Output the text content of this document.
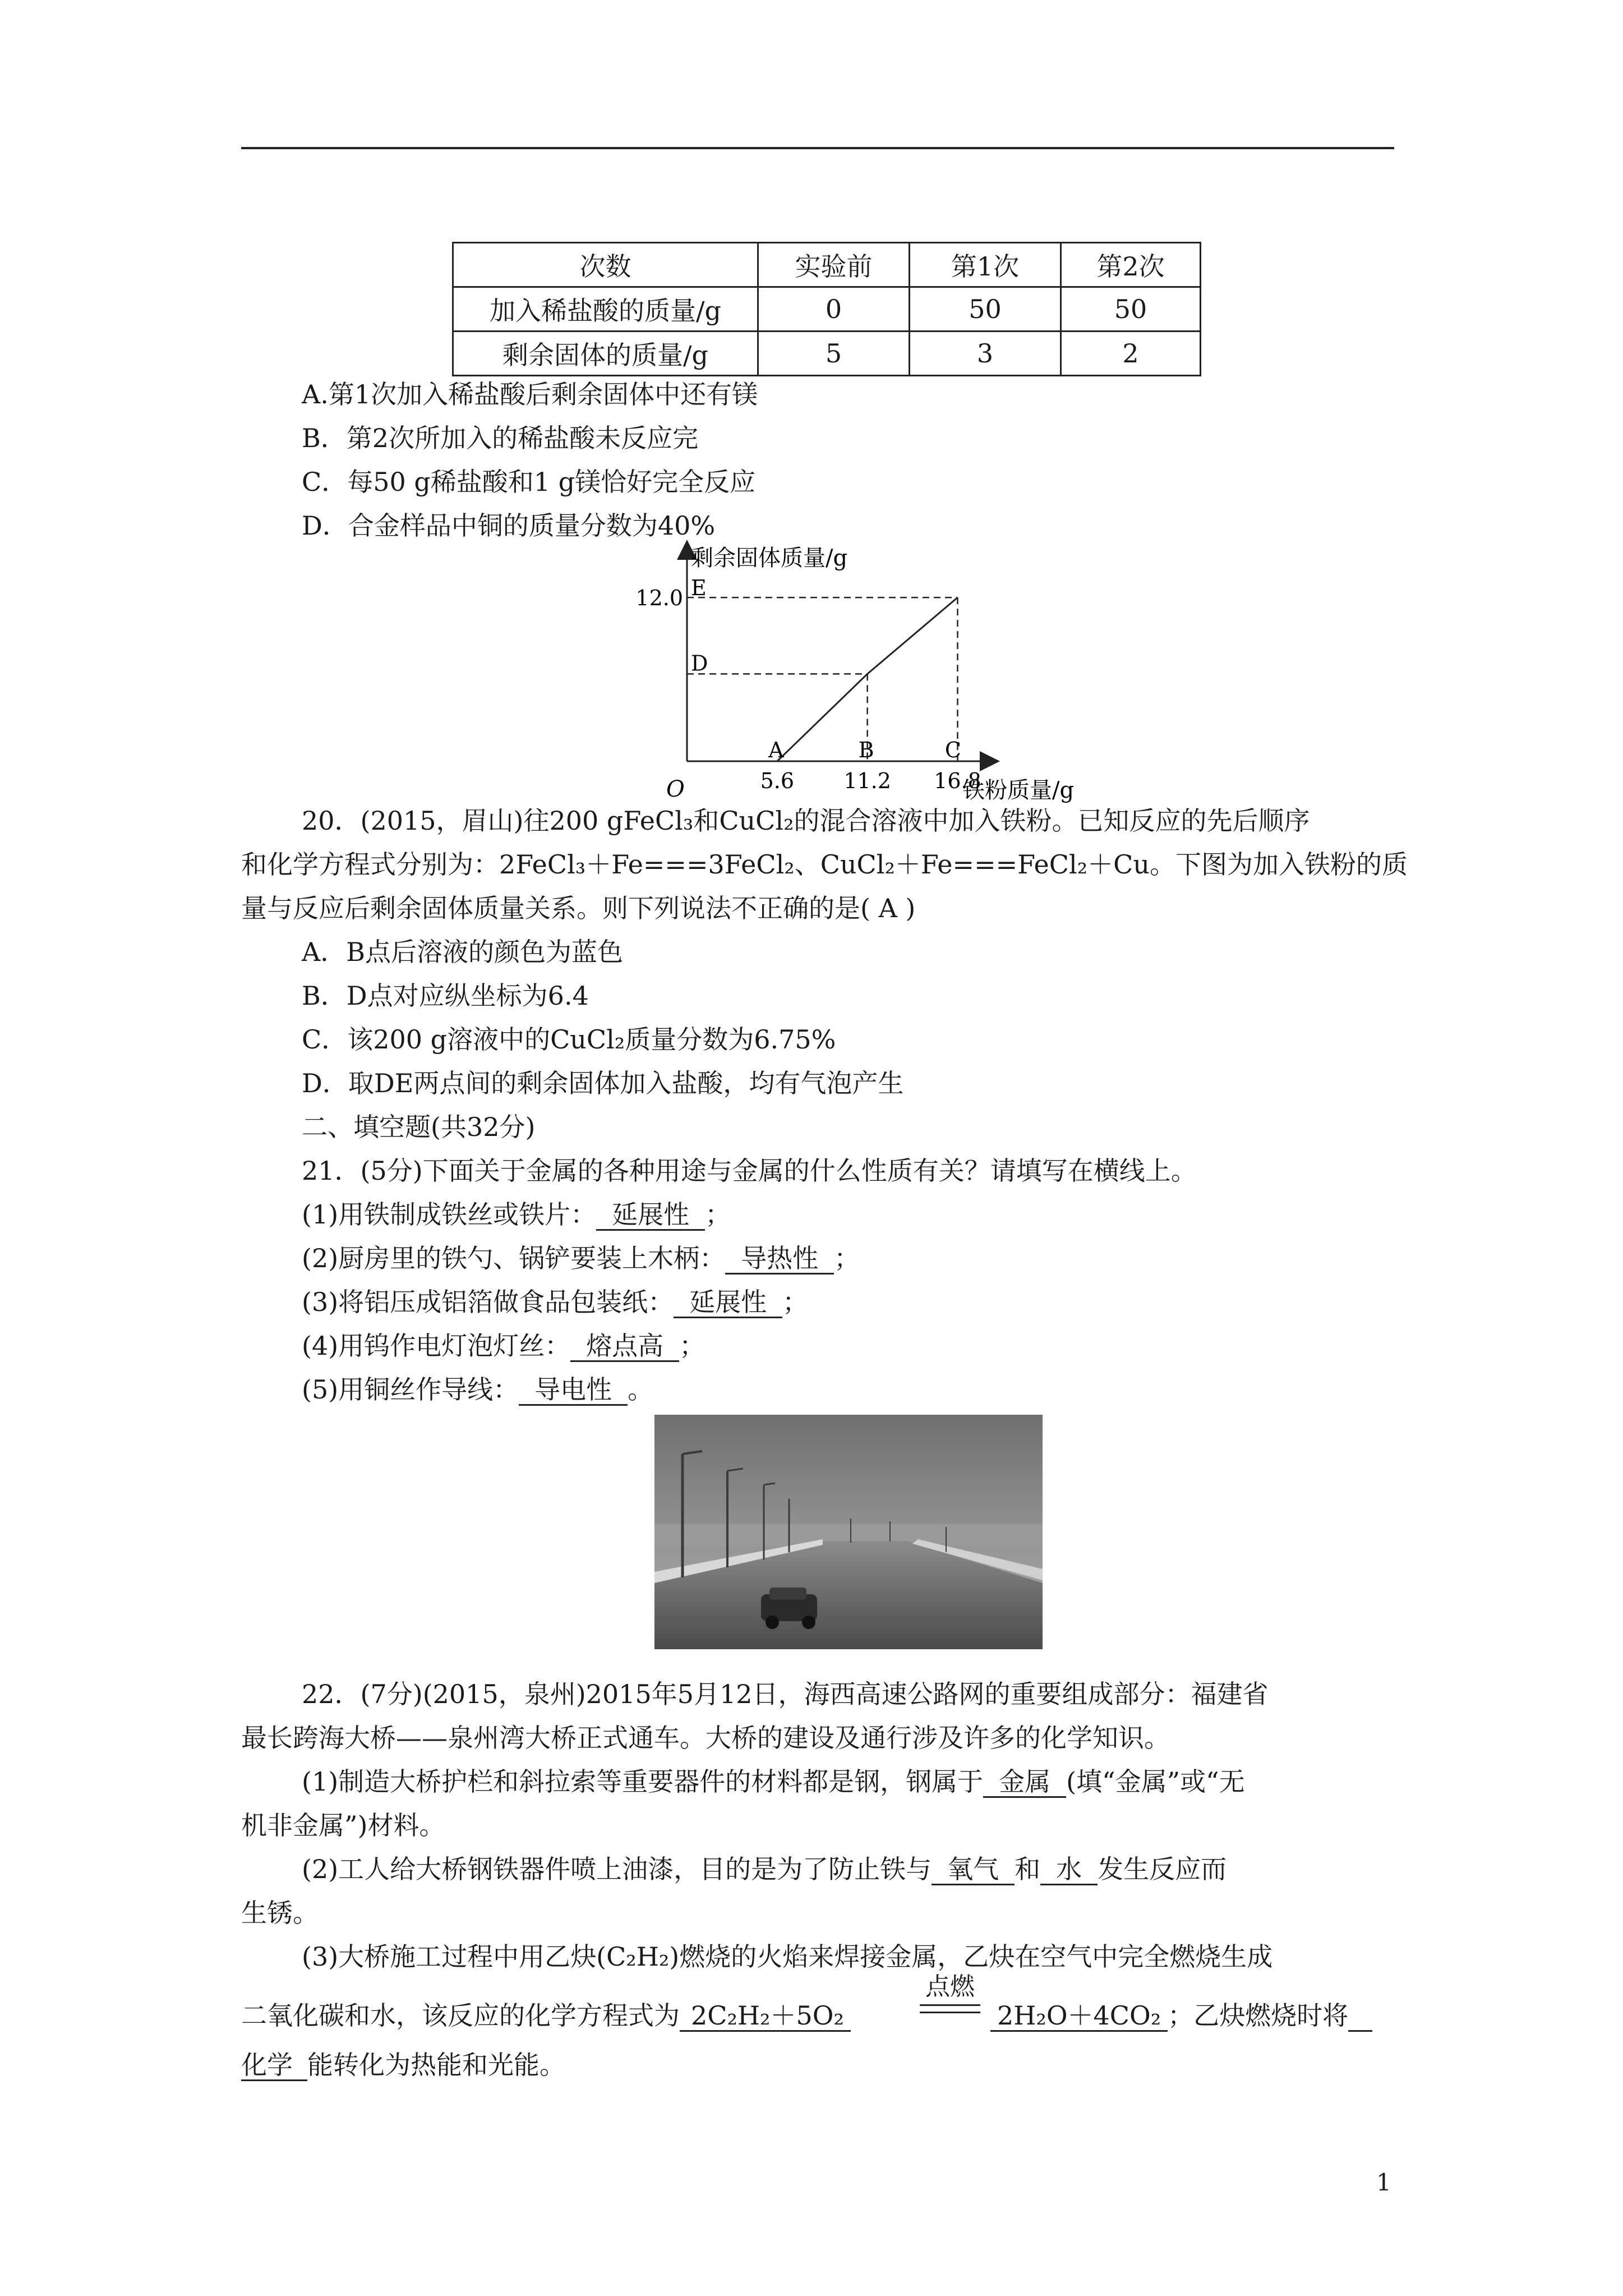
次数	实验前	第1次	第2次
加入稀盐酸的质量/g	0	50	50
剩余固体的质量/g	5	3	2
A.第1次加入稀盐酸后剩余固体中还有镁
B．第2次所加入的稀盐酸未反应完
C．每50 g稀盐酸和1 g镁恰好完全反应
D．合金样品中铜的质量分数为40%
剩余固体质量/g
铁粉质量/g
O
12.0
5.6 11.2 16.8
A	B	C
D
E
20．(2015，眉山)往200 gFeCl₃和CuCl₂的混合溶液中加入铁粉。已知反应的先后顺序
和化学方程式分别为：2FeCl₃＋Fe===3FeCl₂、CuCl₂＋Fe===FeCl₂＋Cu。下图为加入铁粉的质
量与反应后剩余固体质量关系。则下列说法不正确的是( A )
A．B点后溶液的颜色为蓝色
B．D点对应纵坐标为6.4
C．该200 g溶液中的CuCl₂质量分数为6.75%
D．取DE两点间的剩余固体加入盐酸，均有气泡产生
二、填空题(共32分)
21．(5分)下面关于金属的各种用途与金属的什么性质有关？请填写在横线上。
(1)用铁制成铁丝或铁片： 延展性 ；
(2)厨房里的铁勺、锅铲要装上木柄： 导热性 ；
(3)将铝压成铝箔做食品包装纸： 延展性 ；
(4)用钨作电灯泡灯丝： 熔点高 ；
(5)用铜丝作导线： 导电性 。
22．(7分)(2015，泉州)2015年5月12日，海西高速公路网的重要组成部分：福建省
最长跨海大桥——泉州湾大桥正式通车。大桥的建设及通行涉及许多的化学知识。
(1)制造大桥护栏和斜拉索等重要器件的材料都是钢，钢属于 金属 (填“金属”或“无
机非金属”)材料。
(2)工人给大桥钢铁器件喷上油漆，目的是为了防止铁与 氧气 和 水 发生反应而
生锈。
(3)大桥施工过程中用乙炔(C₂H₂)燃烧的火焰来焊接金属，乙炔在空气中完全燃烧生成
二氧化碳和水，该反应的化学方程式为 2C₂H₂＋5O₂
点燃
2H₂O＋4CO₂ ；乙炔燃烧时将
化学 能转化为热能和光能。
1
